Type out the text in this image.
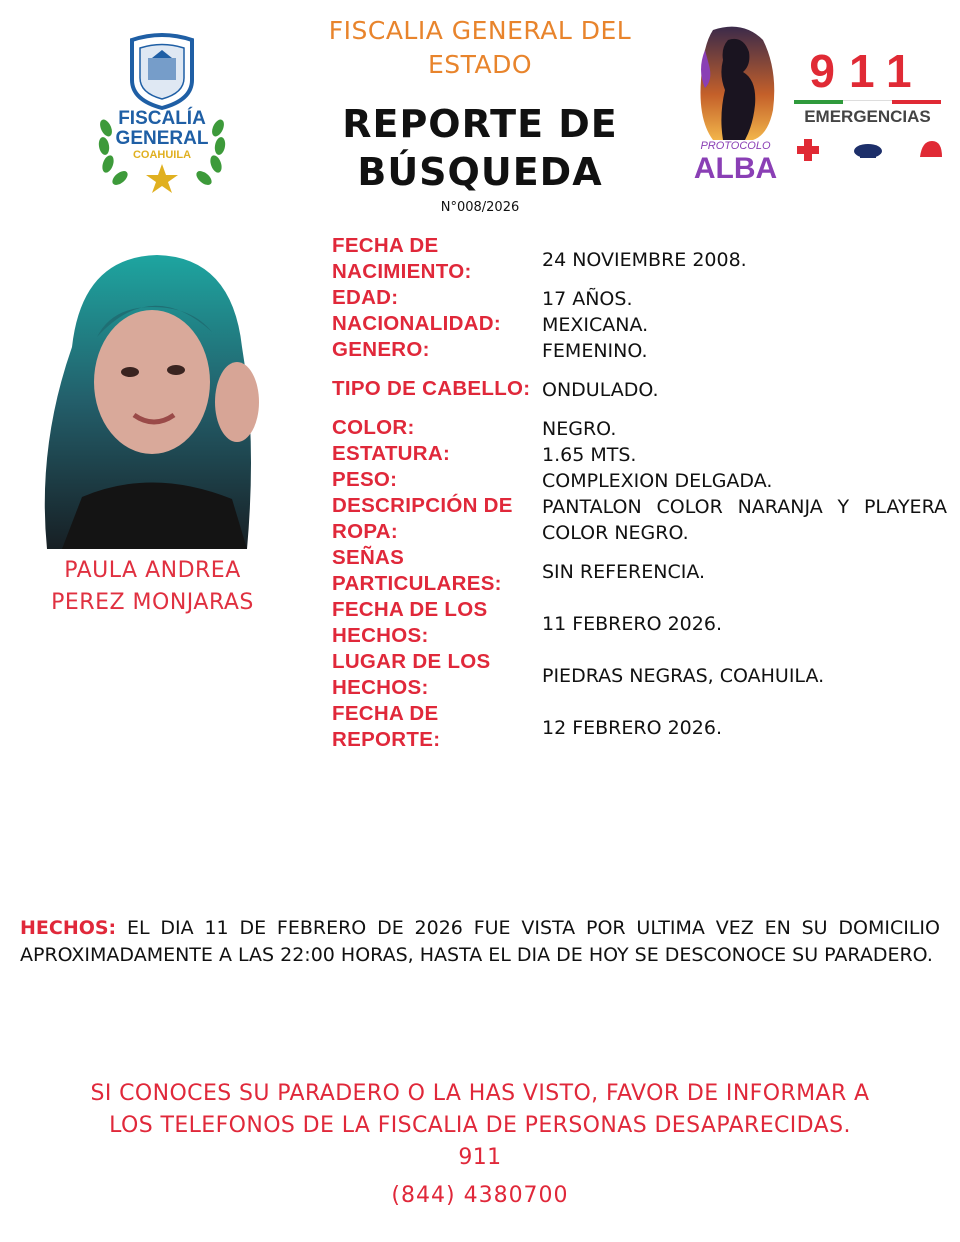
FISCALIA GENERAL DEL
ESTADO
REPORTE DE
BÚSQUEDA
N°008/2026
FISCALÍA
GENERAL
COAHUILA
PROTOCOLO
ALBA
911
EMERGENCIAS
PAULA ANDREA
PEREZ MONJARAS
FECHA DE NACIMIENTO:	24 NOVIEMBRE 2008.
EDAD:	17 AÑOS.
NACIONALIDAD:	MEXICANA.
GENERO:	FEMENINO.
TIPO DE CABELLO: ONDULADO.
COLOR:	NEGRO.
ESTATURA:	1.65 MTS.
PESO:	COMPLEXION DELGADA.
DESCRIPCIÓN DE ROPA:
PANTALON COLOR NARANJA Y PLAYERA COLOR NEGRO.
SEÑAS PARTICULARES:	SIN REFERENCIA.
FECHA DE LOS HECHOS:	11 FEBRERO 2026.
LUGAR DE LOS HECHOS:	PIEDRAS NEGRAS, COAHUILA.
FECHA DE REPORTE:	12 FEBRERO 2026.
HECHOS: EL DIA 11 DE FEBRERO DE 2026 FUE VISTA POR ULTIMA VEZ EN SU DOMICILIO APROXIMADAMENTE A LAS 22:00 HORAS, HASTA EL DIA DE HOY SE DESCONOCE SU PARADERO.
SI CONOCES SU PARADERO O LA HAS VISTO, FAVOR DE INFORMAR A
LOS TELEFONOS DE LA FISCALIA DE PERSONAS DESAPARECIDAS.
911
(844) 4380700
